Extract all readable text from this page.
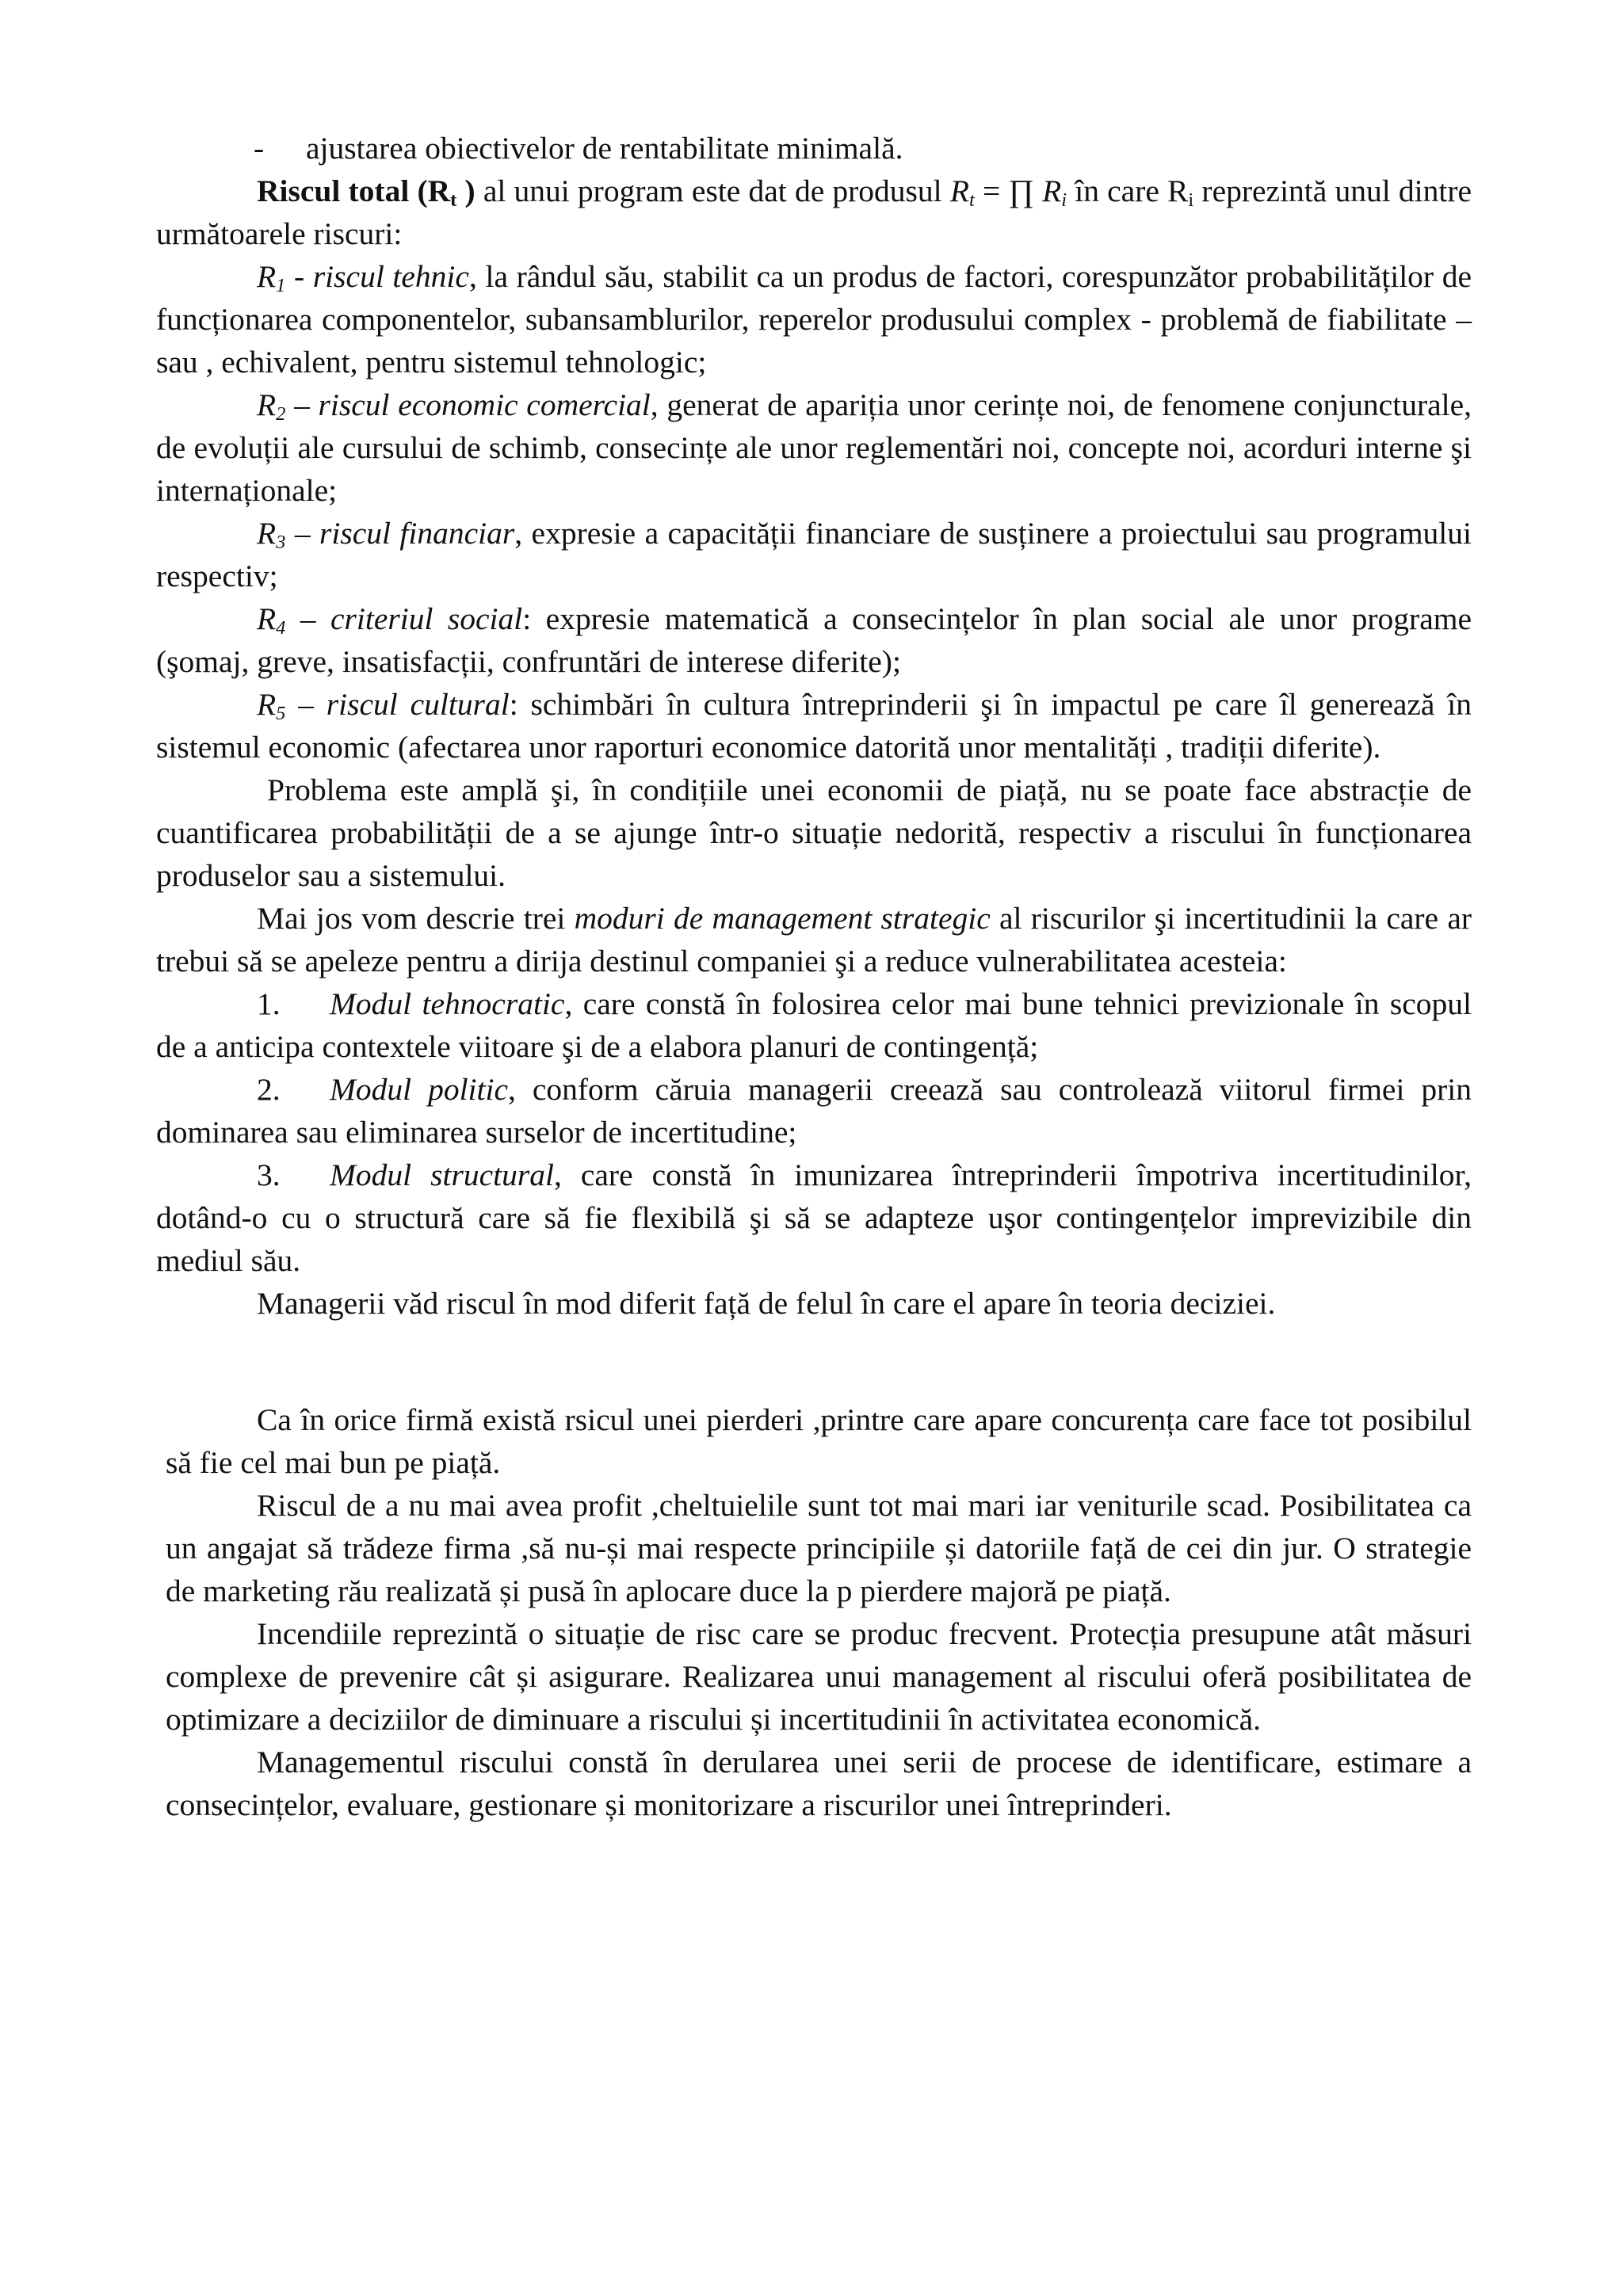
- ajustarea obiectivelor de rentabilitate minimală.

Riscul total ($R_t$ ) al unui program este dat de produsul $R_t$ = ∏ $R_i$ în care $R_i$ reprezintă unul dintre următoarele riscuri:

$R_1$ - riscul tehnic, la rândul său, stabilit ca un produs de factori, corespunzător probabilităților de funcționarea componentelor, subansamblurilor, reperelor produsului complex - problemă de fiabilitate – sau , echivalent, pentru sistemul tehnologic;

$R_2$ – riscul economic comercial, generat de apariția unor cerințe noi, de fenomene conjuncturale, de evoluții ale cursului de schimb, consecințe ale unor reglementări noi, concepte noi, acorduri interne şi internaționale;

$R_3$ – riscul financiar, expresie a capacității financiare de susținere a proiectului sau programului respectiv;

$R_4$ – criteriul social: expresie matematică a consecințelor în plan social ale unor programe (şomaj, greve, insatisfacții, confruntări de interese diferite);

$R_5$ – riscul cultural: schimbări în cultura întreprinderii şi în impactul pe care îl generează în sistemul economic (afectarea unor raporturi economice datorită unor mentalități , tradiții diferite).

Problema este amplă şi, în condițiile unei economii de piață, nu se poate face abstracție de cuantificarea probabilității de a se ajunge într-o situație nedorită, respectiv a riscului în funcționarea produselor sau a sistemului.

Mai jos vom descrie trei moduri de management strategic al riscurilor şi incertitudinii la care ar trebui să se apeleze pentru a dirija destinul companiei şi a reduce vulnerabilitatea acesteia:

1. Modul tehnocratic, care constă în folosirea celor mai bune tehnici previzionale în scopul de a anticipa contextele viitoare şi de a elabora planuri de contingență;

2. Modul politic, conform căruia managerii creează sau controlează viitorul firmei prin dominarea sau eliminarea surselor de incertitudine;

3. Modul structural, care constă în imunizarea întreprinderii împotriva incertitudinilor, dotând-o cu o structură care să fie flexibilă şi să se adapteze uşor contingențelor imprevizibile din mediul său.

Managerii văd riscul în mod diferit față de felul în care el apare în teoria deciziei.

Ca în orice firmă există rsicul unei pierderi ,printre care apare concurența care face tot posibilul să fie cel mai bun pe piață.

Riscul de a nu mai avea profit ,cheltuielile sunt tot mai mari iar veniturile scad. Posibilitatea ca un angajat să trădeze firma ,să nu-și mai respecte principiile și datoriile față de cei din jur. O strategie de marketing rău realizată și pusă în aplocare duce la p pierdere majoră pe piață.

Incendiile reprezintă o situație de risc care se produc frecvent. Protecția presupune atât măsuri complexe de prevenire cât și asigurare. Realizarea unui management al riscului oferă posibilitatea de optimizare a deciziilor de diminuare a riscului și incertitudinii în activitatea economică.

Managementul riscului constă în derularea unei serii de procese de identificare, estimare a consecințelor, evaluare, gestionare și monitorizare a riscurilor unei întreprinderi.
